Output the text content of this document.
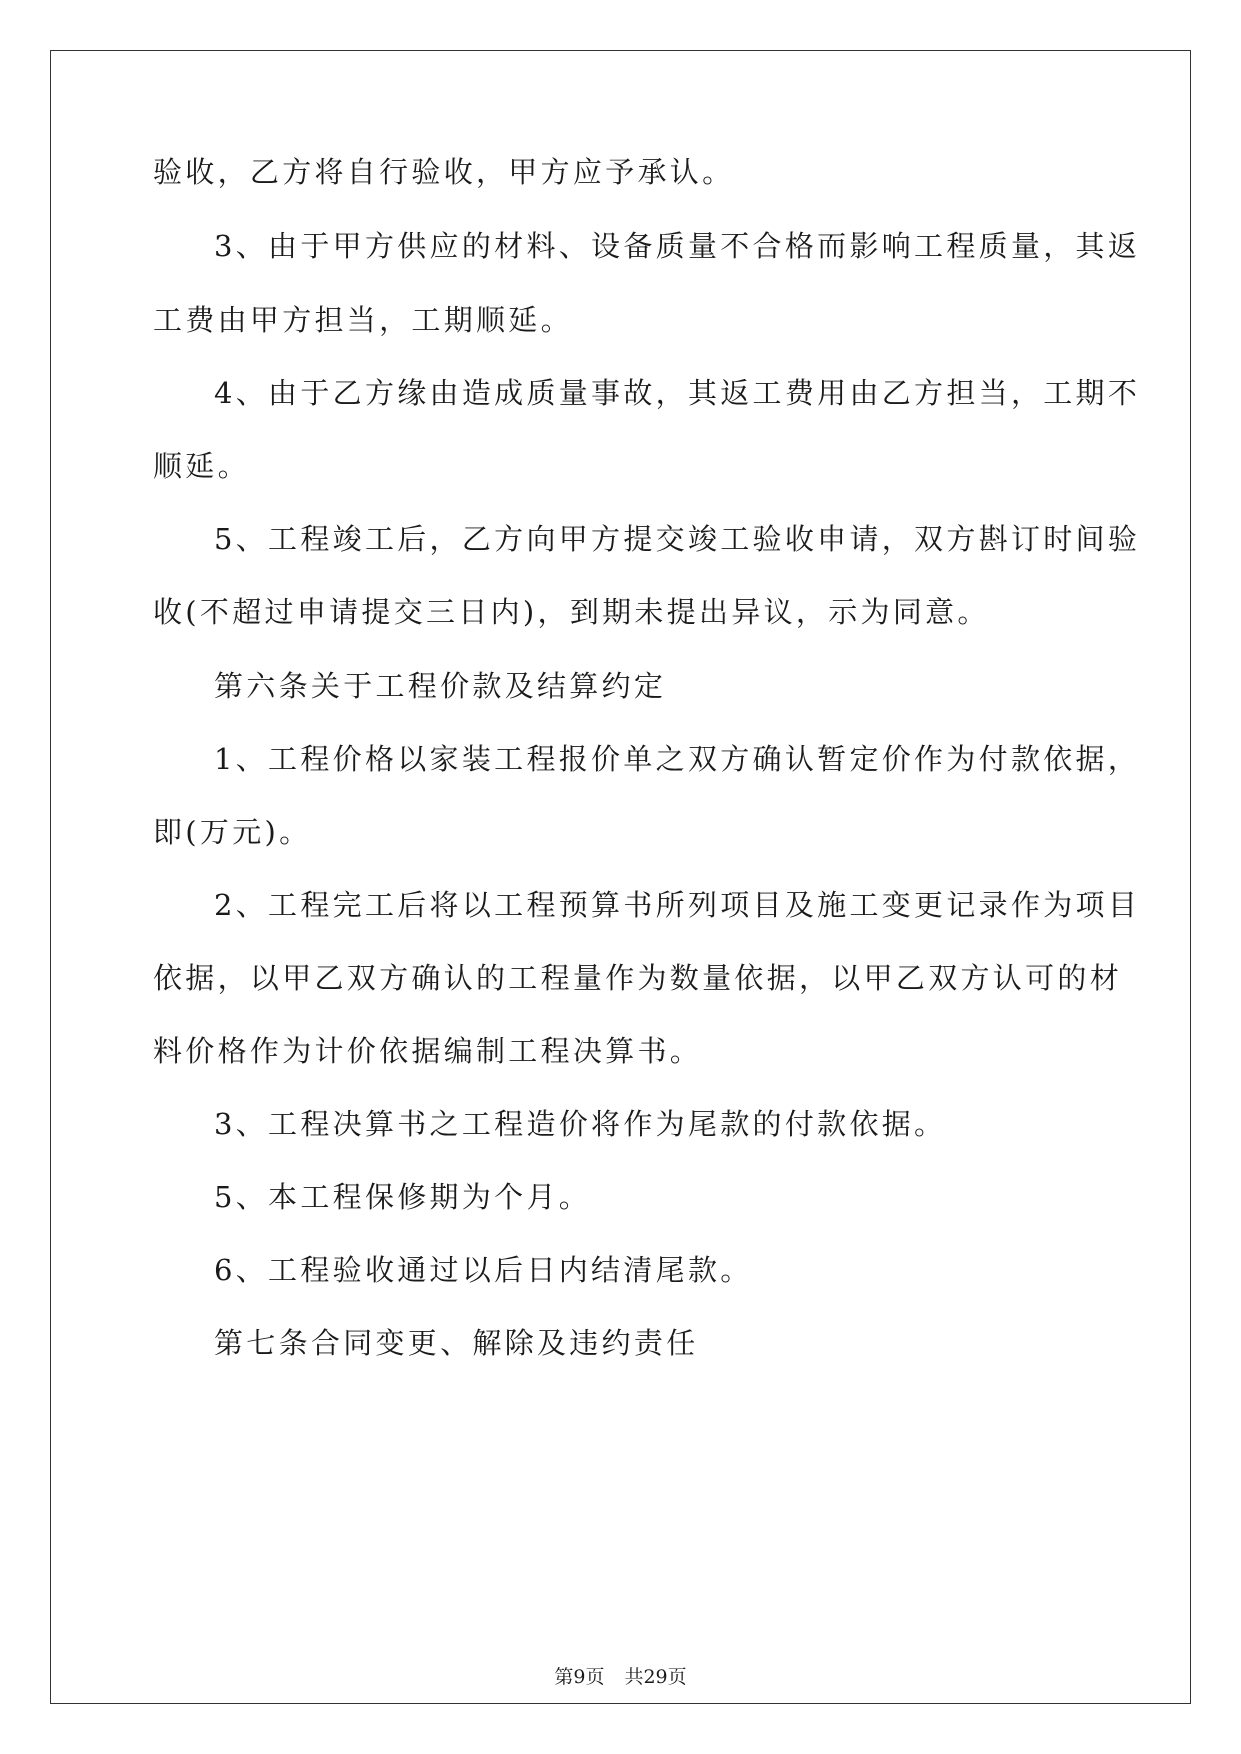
验收，乙方将自行验收，甲方应予承认。
3、由于甲方供应的材料、设备质量不合格而影响工程质量，其返
工费由甲方担当，工期顺延。
4、由于乙方缘由造成质量事故，其返工费用由乙方担当，工期不
顺延。
5、工程竣工后，乙方向甲方提交竣工验收申请，双方斟订时间验
收(不超过申请提交三日内)，到期未提出异议，示为同意。
第六条关于工程价款及结算约定
1、工程价格以家装工程报价单之双方确认暂定价作为付款依据，
即(万元)。
2、工程完工后将以工程预算书所列项目及施工变更记录作为项目
依据，以甲乙双方确认的工程量作为数量依据，以甲乙双方认可的材
料价格作为计价依据编制工程决算书。
3、工程决算书之工程造价将作为尾款的付款依据。
5、本工程保修期为个月。
6、工程验收通过以后日内结清尾款。
第七条合同变更、解除及违约责任
第9页 共29页
